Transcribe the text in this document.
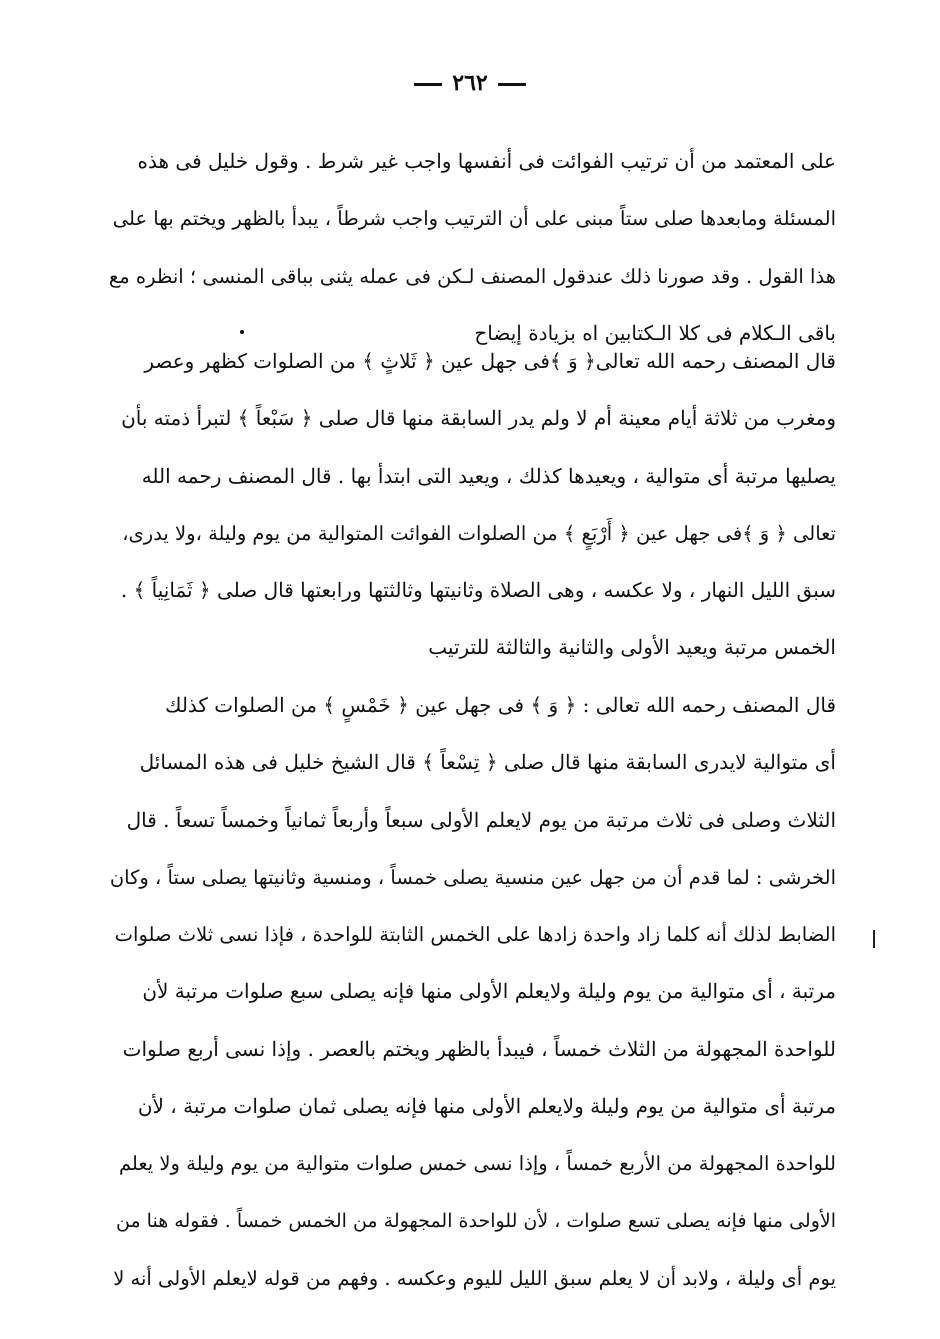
٢٦٢
على المعتمد من أن ترتيب الفوائت فى أنفسها واجب غير شرط . وقول خليل فى هذه
المسئلة ومابعدها صلى ستاً مبنى على أن الترتيب واجب شرطاً ، يبدأ بالظهر ويختم بها على
هذا القول . وقد صورنا ذلك عندقول المصنف لـكن فى عمله يثنى بباقى المنسى ؛ انظره مع
باقى الـكلام فى كلا الـكتابين اه بزيادة إيضاح
قال المصنف رحمه الله تعالى﴿ وَ ﴾فى جهل عين ﴿ ثَلاثٍ ﴾ من الصلوات كظهر وعصر
ومغرب من ثلاثة أيام معينة أم لا ولم يدر السابقة منها قال صلى ﴿ سَبْعاً ﴾ لتبرأ ذمته بأن
يصليها مرتبة أى متوالية ، ويعيدها كذلك ، ويعيد التى ابتدأ بها . قال المصنف رحمه الله
تعالى ﴿ وَ ﴾فى جهل عين ﴿ أَرْبَعٍ ﴾ من الصلوات الفوائت المتوالية من يوم وليلة ،ولا يدرى،
سبق الليل النهار ، ولا عكسه ، وهى الصلاة وثانيتها وثالثتها ورابعتها قال صلى ﴿ ثَمَانِياً ﴾ .
الخمس مرتبة ويعيد الأولى والثانية والثالثة للترتيب
قال المصنف رحمه الله تعالى : ﴿ وَ ﴾ فى جهل عين ﴿ خَمْسٍ ﴾ من الصلوات كذلك
أى متوالية لايدرى السابقة منها قال صلى ﴿ تِسْعاً ﴾ قال الشيخ خليل فى هذه المسائل
الثلاث وصلى فى ثلاث مرتبة من يوم لايعلم الأولى سبعاً وأربعاً ثمانياً وخمساً تسعاً . قال
الخرشى : لما قدم أن من جهل عين منسية يصلى خمساً ، ومنسية وثانيتها يصلى ستاً ، وكان
الضابط لذلك أنه كلما زاد واحدة زادها على الخمس الثابتة للواحدة ، فإذا نسى ثلاث صلوات
مرتبة ، أى متوالية من يوم وليلة ولايعلم الأولى منها فإنه يصلى سبع صلوات مرتبة لأن
للواحدة المجهولة من الثلاث خمساً ، فيبدأ بالظهر ويختم بالعصر . وإذا نسى أربع صلوات
مرتبة أى متوالية من يوم وليلة ولايعلم الأولى منها فإنه يصلى ثمان صلوات مرتبة ، لأن
للواحدة المجهولة من الأربع خمساً ، وإذا نسى خمس صلوات متوالية من يوم وليلة ولا يعلم
الأولى منها فإنه يصلى تسع صلوات ، لأن للواحدة المجهولة من الخمس خمساً . فقوله هنا من
يوم أى وليلة ، ولابد أن لا يعلم سبق الليل لليوم وعكسه . وفهم من قوله لايعلم الأولى أنه لا
